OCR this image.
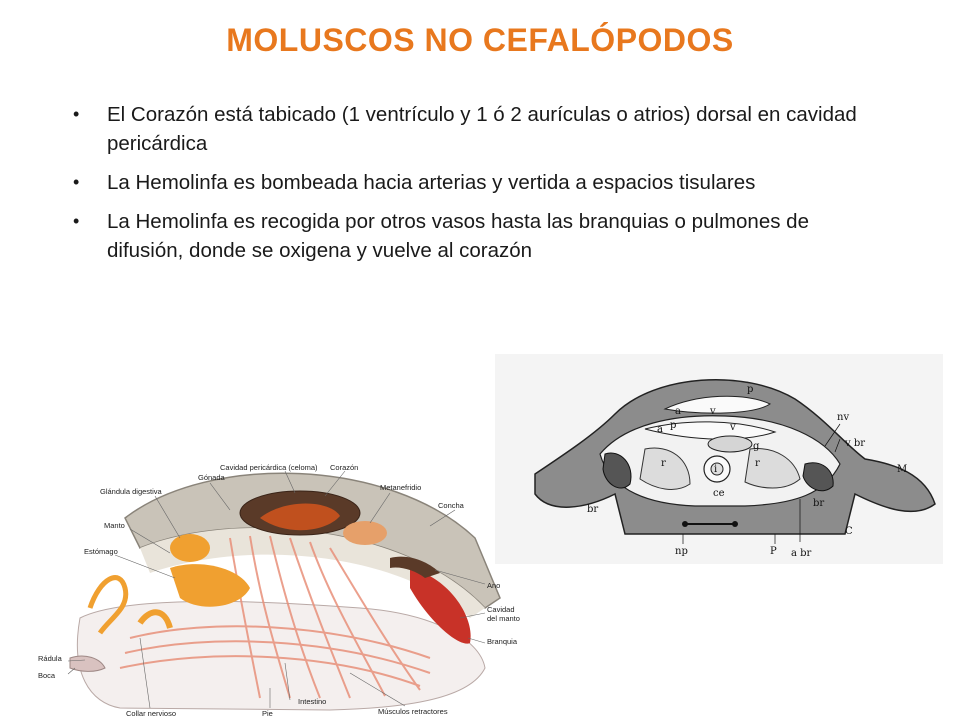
MOLUSCOS NO CEFALÓPODOS
• El Corazón está tabicado (1 ventrículo y 1 ó 2 aurículas o atrios) dorsal en cavidad pericárdica
• La Hemolinfa es bombeada hacia arterias y vertida a espacios tisulares
• La Hemolinfa es recogida por otros vasos hasta las branquias o pulmones de difusión, donde se oxigena y vuelve al corazón
Gónada
Cavidad pericárdica (celoma) Corazón
Metanefridio
Glándula digestiva
Concha
Manto
Estómago
Ano
Cavidad
del manto
Branquia
Rádula
Boca
Collar nervioso	Pie
Intestino
Músculos retractores
p
a	v
a p	v
g
nv
v br
M
r	r
i
ce
br
br
C
np	P a br
